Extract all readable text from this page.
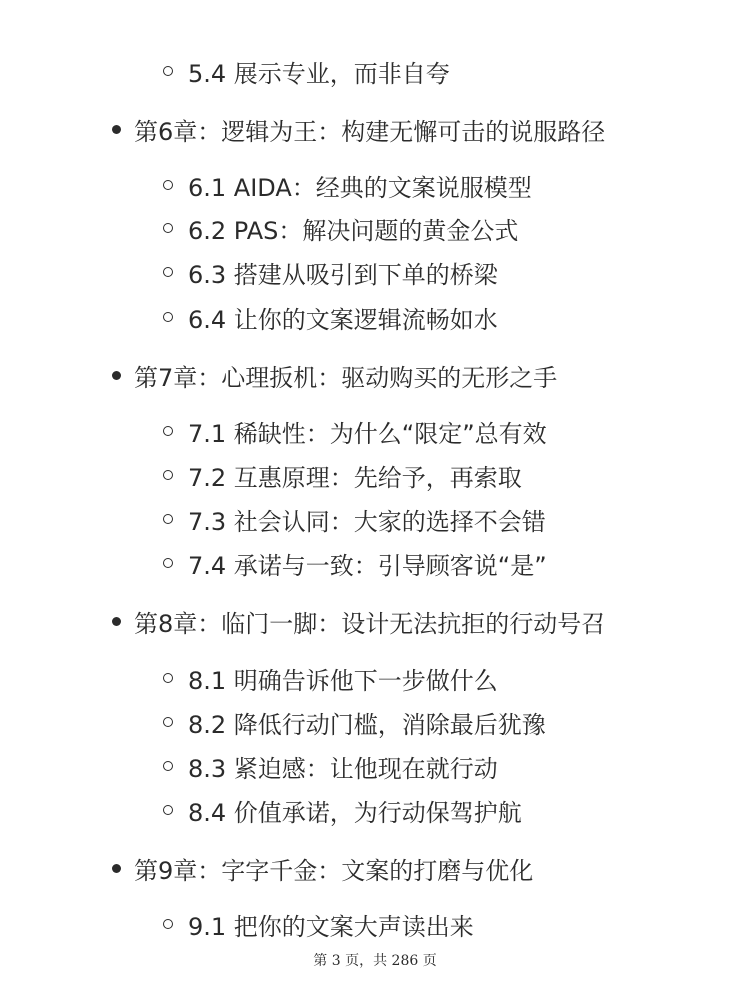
5.4 展示专业，而非自夸
第6章：逻辑为王：构建无懈可击的说服路径
6.1 AIDA：经典的文案说服模型
6.2 PAS：解决问题的黄金公式
6.3 搭建从吸引到下单的桥梁
6.4 让你的文案逻辑流畅如水
第7章：心理扳机：驱动购买的无形之手
7.1 稀缺性：为什么“限定”总有效
7.2 互惠原理：先给予，再索取
7.3 社会认同：大家的选择不会错
7.4 承诺与一致：引导顾客说“是”
第8章：临门一脚：设计无法抗拒的行动号召
8.1 明确告诉他下一步做什么
8.2 降低行动门槛，消除最后犹豫
8.3 紧迫感：让他现在就行动
8.4 价值承诺，为行动保驾护航
第9章：字字千金：文案的打磨与优化
9.1 把你的文案大声读出来
第 3 页，共 286 页
